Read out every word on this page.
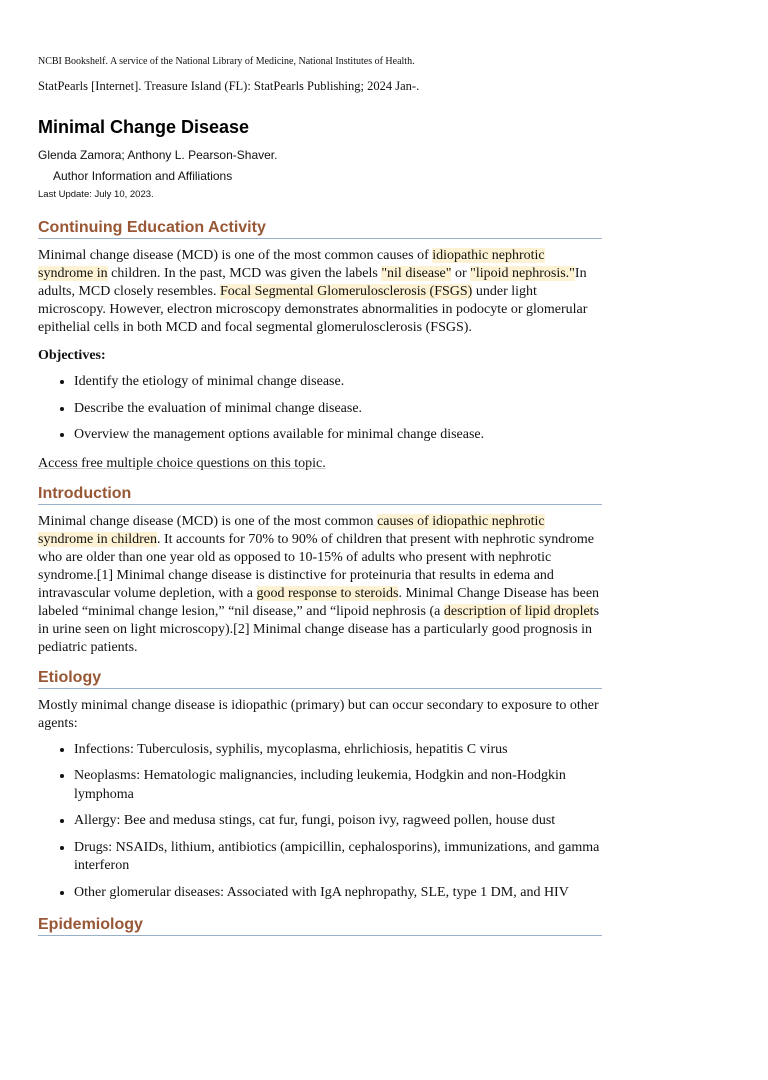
NCBI Bookshelf. A service of the National Library of Medicine, National Institutes of Health.
StatPearls [Internet]. Treasure Island (FL): StatPearls Publishing; 2024 Jan-.
Minimal Change Disease
Glenda Zamora; Anthony L. Pearson-Shaver.
Author Information and Affiliations
Last Update: July 10, 2023.
Continuing Education Activity

Minimal change disease (MCD) is one of the most common causes of idiopathic nephrotic syndrome in children. In the past, MCD was given the labels "nil disease" or "lipoid nephrosis."In adults, MCD closely resembles. Focal Segmental Glomerulosclerosis (FSGS) under light microscopy. However, electron microscopy demonstrates abnormalities in podocyte or glomerular epithelial cells in both MCD and focal segmental glomerulosclerosis (FSGS).

Objectives:

• Identify the etiology of minimal change disease.
• Describe the evaluation of minimal change disease.
• Overview the management options available for minimal change disease.

Access free multiple choice questions on this topic.

Introduction

Minimal change disease (MCD) is one of the most common causes of idiopathic nephrotic syndrome in children. It accounts for 70% to 90% of children that present with nephrotic syndrome who are older than one year old as opposed to 10-15% of adults who present with nephrotic syndrome.[1] Minimal change disease is distinctive for proteinuria that results in edema and intravascular volume depletion, with a good response to steroids. Minimal Change Disease has been labeled “minimal change lesion,” “nil disease,” and “lipoid nephrosis (a description of lipid droplets in urine seen on light microscopy).[2] Minimal change disease has a particularly good prognosis in pediatric patients.

Etiology

Mostly minimal change disease is idiopathic (primary) but can occur secondary to exposure to other agents:

• Infections: Tuberculosis, syphilis, mycoplasma, ehrlichiosis, hepatitis C virus
• Neoplasms: Hematologic malignancies, including leukemia, Hodgkin and non-Hodgkin lymphoma
• Allergy: Bee and medusa stings, cat fur, fungi, poison ivy, ragweed pollen, house dust
• Drugs: NSAIDs, lithium, antibiotics (ampicillin, cephalosporins), immunizations, and gamma interferon
• Other glomerular diseases: Associated with IgA nephropathy, SLE, type 1 DM, and HIV
Epidemiology
